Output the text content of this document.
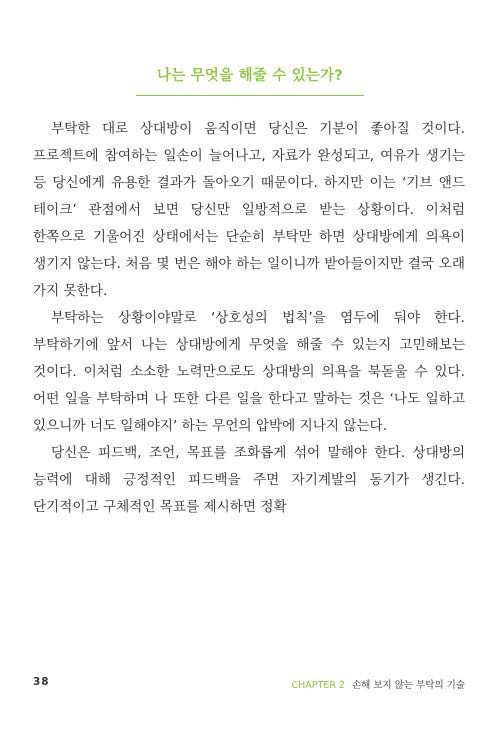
나는 무엇을 해줄 수 있는가?

부탁한 대로 상대방이 움직이면 당신은 기분이 좋아질 것이다. 프로젝트에 참여하는 일손이 늘어나고, 자료가 완성되고, 여유가 생기는 등 당신에게 유용한 결과가 돌아오기 때문이다. 하지만 이는 ‘기브 앤드 테이크’ 관점에서 보면 당신만 일방적으로 받는 상황이다. 이처럼 한쪽으로 기울어진 상태에서는 단순히 부탁만 하면 상대방에게 의욕이 생기지 않는다. 처음 몇 번은 해야 하는 일이니까 받아들이지만 결국 오래 가지 못한다.

부탁하는 상황이야말로 ‘상호성의 법칙’을 염두에 둬야 한다. 부탁하기에 앞서 나는 상대방에게 무엇을 해줄 수 있는지 고민해보는 것이다. 이처럼 소소한 노력만으로도 상대방의 의욕을 북돋울 수 있다. 어떤 일을 부탁하며 나 또한 다른 일을 한다고 말하는 것은 ‘나도 일하고 있으니까 너도 일해야지’ 하는 무언의 압박에 지나지 않는다.

당신은 피드백, 조언, 목표를 조화롭게 섞어 말해야 한다. 상대방의 능력에 대해 긍정적인 피드백을 주면 자기계발의 동기가 생긴다. 단기적이고 구체적인 목표를 제시하면 정확

38	CHAPTER 2 손해 보지 않는 부탁의 기술
